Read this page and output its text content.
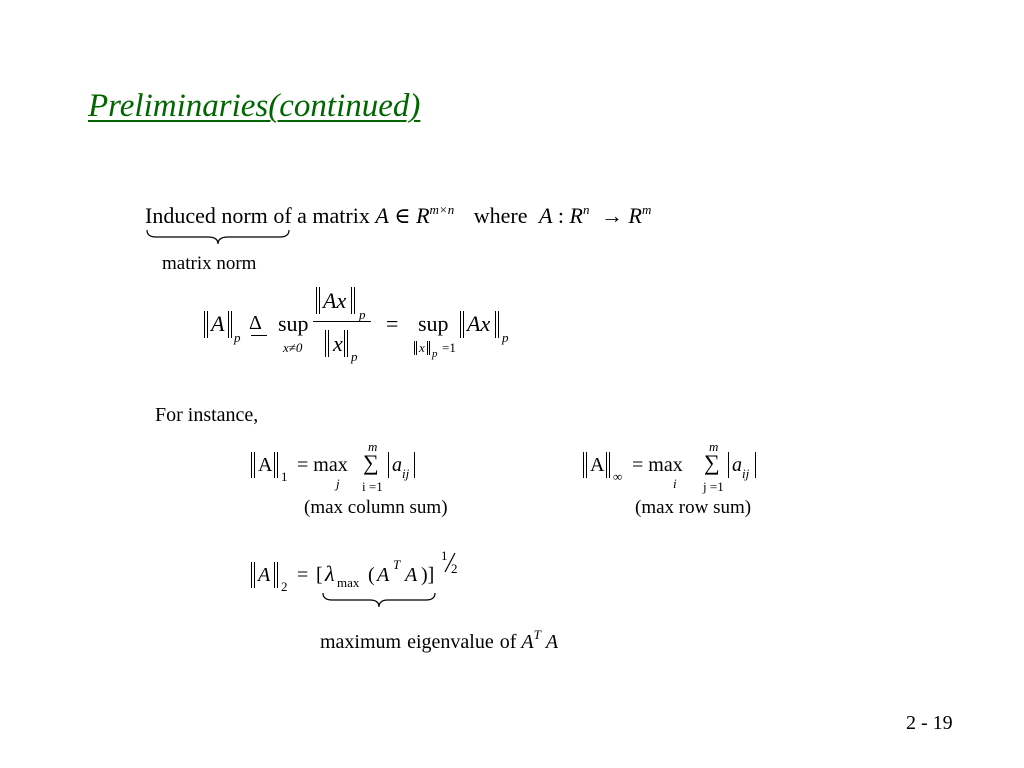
Preliminaries(continued)
Induced norm of a matrix A ∈ $R^{m\times n}$ where A : $R^n \to R^m$
matrix norm
A
p
Δ sup
x≠0
Ax
p
x
p
= sup
x p =1
Ax
p
For instance,
A
1
= max
j
m
∑
i =1
a ij
(max column sum)
A
∞
= max
i
m
∑
j =1
a ij
(max row sum)
A
2
= [ λ max ( A T A )]
1
2
maximum eigenvalue of $A^T$ A
2 - 19
